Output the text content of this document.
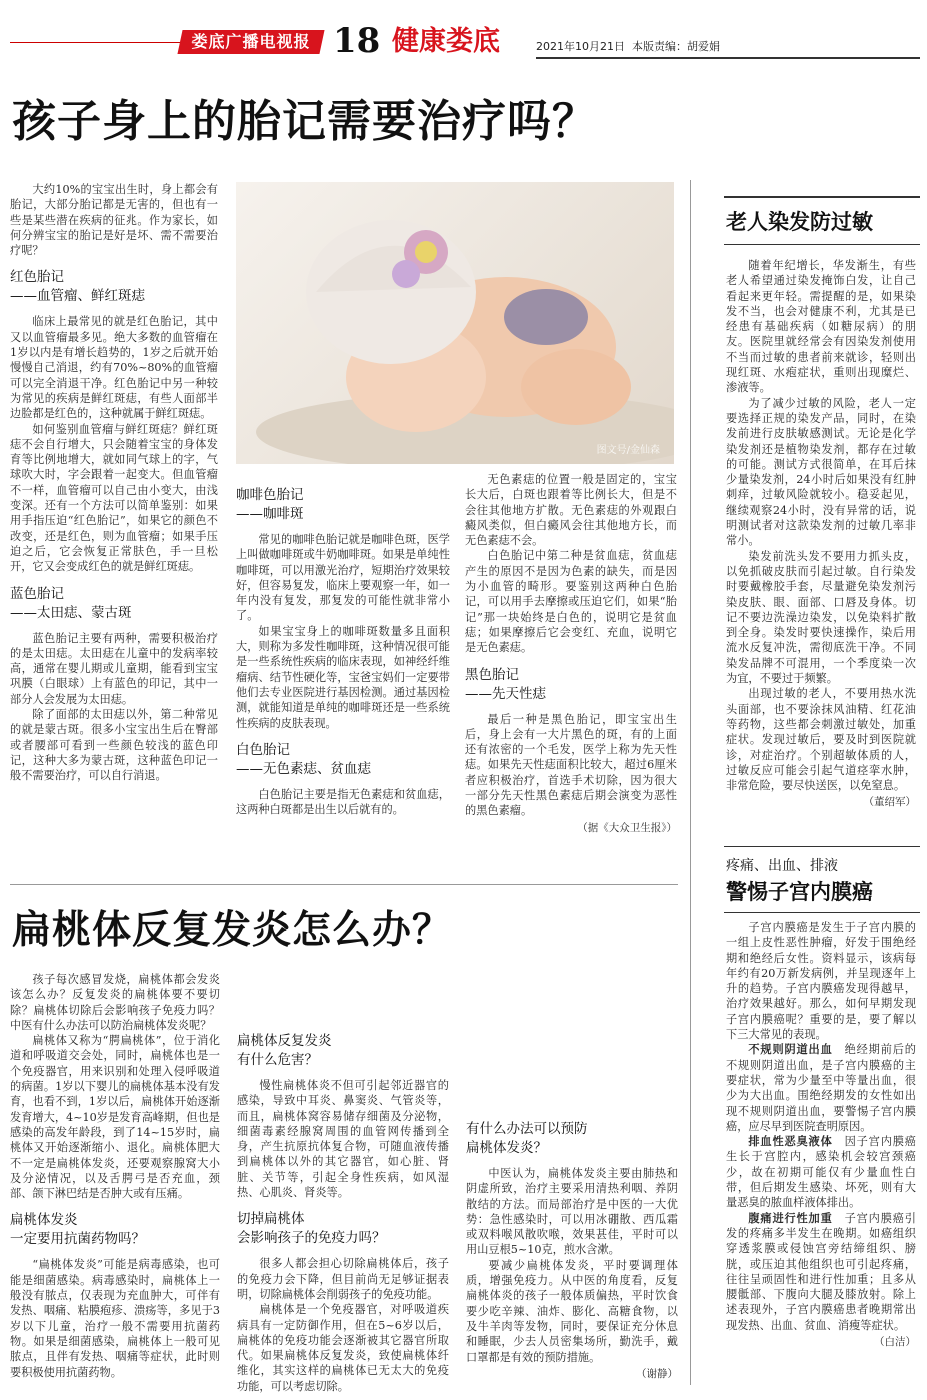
娄底广播电视报 18 健康娄底	2021年10月21日 本版责编：胡爱娟
孩子身上的胎记需要治疗吗？

大约10%的宝宝出生时，身上都会有胎记，大部分胎记都是无害的，但也有一些是某些潜在疾病的征兆。作为家长，如何分辨宝宝的胎记是好是坏、需不需要治疗呢？

红色胎记
——血管瘤、鲜红斑痣

临床上最常见的就是红色胎记，其中又以血管瘤最多见。绝大多数的血管瘤在1岁以内是有增长趋势的，1岁之后就开始慢慢自己消退，约有70%~80%的血管瘤可以完全消退干净。红色胎记中另一种较为常见的疾病是鲜红斑痣，有些人面部半边脸都是红色的，这种就属于鲜红斑痣。

如何鉴别血管瘤与鲜红斑痣？鲜红斑痣不会自行增大，只会随着宝宝的身体发育等比例地增大，就如同气球上的字，气球吹大时，字会跟着一起变大。但血管瘤不一样，血管瘤可以自己由小变大，由浅变深。还有一个方法可以简单鉴别：如果用手指压迫“红色胎记”，如果它的颜色不改变，还是红色，则为血管瘤；如果手压迫之后，它会恢复正常肤色，手一旦松开，它又会变成红色的就是鲜红斑痣。

蓝色胎记
——太田痣、蒙古斑

蓝色胎记主要有两种，需要积极治疗的是太田痣。太田痣在儿童中的发病率较高，通常在婴儿期或儿童期，能看到宝宝巩膜（白眼球）上有蓝色的印记，其中一部分人会发展为太田痣。

除了面部的太田痣以外，第二种常见的就是蒙古斑。很多小宝宝出生后在臀部或者腰部可看到一些颜色较浅的蓝色印记，这种大多为蒙古斑，这种蓝色印记一般不需要治疗，可以自行消退。

图文号/金仙森
咖啡色胎记
——咖啡斑

常见的咖啡色胎记就是咖啡色斑，医学上叫做咖啡斑或牛奶咖啡斑。如果是单纯性咖啡斑，可以用激光治疗，短期治疗效果较好，但容易复发，临床上要观察一年，如一年内没有复发，那复发的可能性就非常小了。

如果宝宝身上的咖啡斑数量多且面积大，则称为多发性咖啡斑，这种情况很可能是一些系统性疾病的临床表现，如神经纤维瘤病、结节性硬化等，宝爸宝妈们一定要带他们去专业医院进行基因检测。通过基因检测，就能知道是单纯的咖啡斑还是一些系统性疾病的皮肤表现。

白色胎记
——无色素痣、贫血痣

白色胎记主要是指无色素痣和贫血痣，这两种白斑都是出生以后就有的。

无色素痣的位置一般是固定的，宝宝长大后，白斑也跟着等比例长大，但是不会往其他地方扩散。无色素痣的外观跟白癜风类似，但白癜风会往其他地方长，而无色素痣不会。

白色胎记中第二种是贫血痣，贫血痣产生的原因不是因为色素的缺失，而是因为小血管的畸形。要鉴别这两种白色胎记，可以用手去摩擦或压迫它们，如果“胎记”那一块始终是白色的，说明它是贫血痣；如果摩擦后它会变红、充血，说明它是无色素痣。

黑色胎记
——先天性痣

最后一种是黑色胎记，即宝宝出生后，身上会有一大片黑色的斑，有的上面还有浓密的一个毛发，医学上称为先天性痣。如果先天性痣面积比较大，超过6厘米者应积极治疗，首选手术切除，因为很大一部分先天性黑色素痣后期会演变为恶性的黑色素瘤。

（据《大众卫生报》）
老人染发防过敏

随着年纪增长，华发渐生，有些老人希望通过染发掩饰白发，让自己看起来更年轻。需提醒的是，如果染发不当，也会对健康不利，尤其是已经患有基础疾病（如糖尿病）的朋友。医院里就经常会有因染发剂使用不当而过敏的患者前来就诊，轻则出现红斑、水疱症状，重则出现糜烂、渗液等。

为了减少过敏的风险，老人一定要选择正规的染发产品，同时，在染发前进行皮肤敏感测试。无论是化学染发剂还是植物染发剂，都存在过敏的可能。测试方式很简单，在耳后抹少量染发剂，24小时后如果没有红肿刺痒，过敏风险就较小。稳妥起见，继续观察24小时，没有异常的话，说明测试者对这款染发剂的过敏几率非常小。

染发前洗头发不要用力抓头皮，以免抓破皮肤而引起过敏。自行染发时要戴橡胶手套，尽量避免染发剂污染皮肤、眼、面部、口唇及身体。切记不要边洗澡边染发，以免染料扩散到全身。染发时要快速操作，染后用流水反复冲洗，需彻底洗干净。不同染发品牌不可混用，一个季度染一次为宜，不要过于频繁。

出现过敏的老人，不要用热水洗头面部，也不要涂抹风油精、红花油等药物，这些都会刺激过敏处，加重症状。发现过敏后，要及时到医院就诊，对症治疗。个别超敏体质的人，过敏反应可能会引起气道痉挛水肿，非常危险，要尽快送医，以免窒息。

（董绍军）
疼痛、出血、排液
警惕子宫内膜癌

子宫内膜癌是发生于子宫内膜的一组上皮性恶性肿瘤，好发于围绝经期和绝经后女性。资料显示，该病每年约有20万新发病例，并呈现逐年上升的趋势。子宫内膜癌发现得越早，治疗效果越好。那么，如何早期发现子宫内膜癌呢？重要的是，要了解以下三大常见的表现。

不规则阴道出血　 绝经期前后的不规则阴道出血，是子宫内膜癌的主要症状，常为少量至中等量出血，很少为大出血。围绝经期发的女性如出现不规则阴道出血，要警惕子宫内膜癌，应尽早到医院查明原因。

排血性恶臭液体　 因子宫内膜癌生长于宫腔内，感染机会较宫颈癌少，故在初期可能仅有少量血性白带，但后期发生感染、坏死，则有大量恶臭的脓血样液体排出。

腹痛进行性加重　 子宫内膜癌引发的疼痛多半发生在晚期。如癌组织穿透浆膜或侵蚀宫旁结缔组织、膀胱，或压迫其他组织也可引起疼痛，往往呈顽固性和进行性加重；且多从腰骶部、下腹向大腿及膝放射。除上述表现外，子宫内膜癌患者晚期常出现发热、出血、贫血、消瘦等症状。

（白洁）
扁桃体反复发炎怎么办？

孩子每次感冒发烧，扁桃体都会发炎该怎么办？反复发炎的扁桃体要不要切除？扁桃体切除后会影响孩子免疫力吗？中医有什么办法可以防治扁桃体发炎呢？

扁桃体又称为“腭扁桃体”，位于消化道和呼吸道交会处，同时，扁桃体也是一个免疫器官，用来识别和处理入侵呼吸道的病菌。1岁以下婴儿的扁桃体基本没有发育，也看不到，1岁以后，扁桃体开始逐渐发育增大，4~10岁是发育高峰期，但也是感染的高发年龄段，到了14~15岁时，扁桃体又开始逐渐缩小、退化。扁桃体肥大不一定是扁桃体发炎，还要观察腺窝大小及分泌情况，以及舌腭弓是否充血，颈部、颌下淋巴结是否肿大或有压痛。

扁桃体发炎
一定要用抗菌药物吗？

“扁桃体发炎”可能是病毒感染，也可能是细菌感染。病毒感染时，扁桃体上一般没有脓点，仅表现为充血肿大，可伴有发热、咽痛、粘膜疱疹、溃疡等，多见于3岁以下儿童，治疗一般不需要用抗菌药物。如果是细菌感染，扁桃体上一般可见脓点，且伴有发热、咽痛等症状，此时则要积极使用抗菌药物。

扁桃体反复发炎
有什么危害？

慢性扁桃体炎不但可引起邻近器官的感染，导致中耳炎、鼻窦炎、气管炎等，而且，扁桃体窝容易储存细菌及分泌物，细菌毒素经腺窝周围的血管网传播到全身，产生抗原抗体复合物，可随血液传播到扁桃体以外的其它器官，如心脏、肾脏、关节等，引起全身性疾病，如风湿热、心肌炎、肾炎等。

切掉扁桃体
会影响孩子的免疫力吗？

很多人都会担心切除扁桃体后，孩子的免疫力会下降，但目前尚无足够证据表明，切除扁桃体会削弱孩子的免疫功能。

扁桃体是一个免疫器官，对呼吸道疾病具有一定防御作用，但在5~6岁以后，扁桃体的免疫功能会逐渐被其它器官所取代。如果扁桃体反复发炎，致使扁桃体纤维化，其实这样的扁桃体已无太大的免疫功能，可以考虑切除。

有什么办法可以预防
扁桃体发炎？

中医认为，扁桃体发炎主要由肺热和阴虚所致，治疗主要采用清热利咽、养阴散结的方法。而局部治疗是中医的一大优势：急性感染时，可以用冰硼散、西瓜霜或双料喉风散吹喉，效果甚佳，平时可以用山豆根5~10克，煎水含漱。

要减少扁桃体发炎，平时要调理体质，增强免疫力。从中医的角度看，反复扁桃体炎的孩子一般体质偏热，平时饮食要少吃辛辣、油炸、膨化、高糖食物，以及牛羊肉等发物，同时，要保证充分休息和睡眠，少去人员密集场所，勤洗手，戴口罩都是有效的预防措施。

（谢静）
